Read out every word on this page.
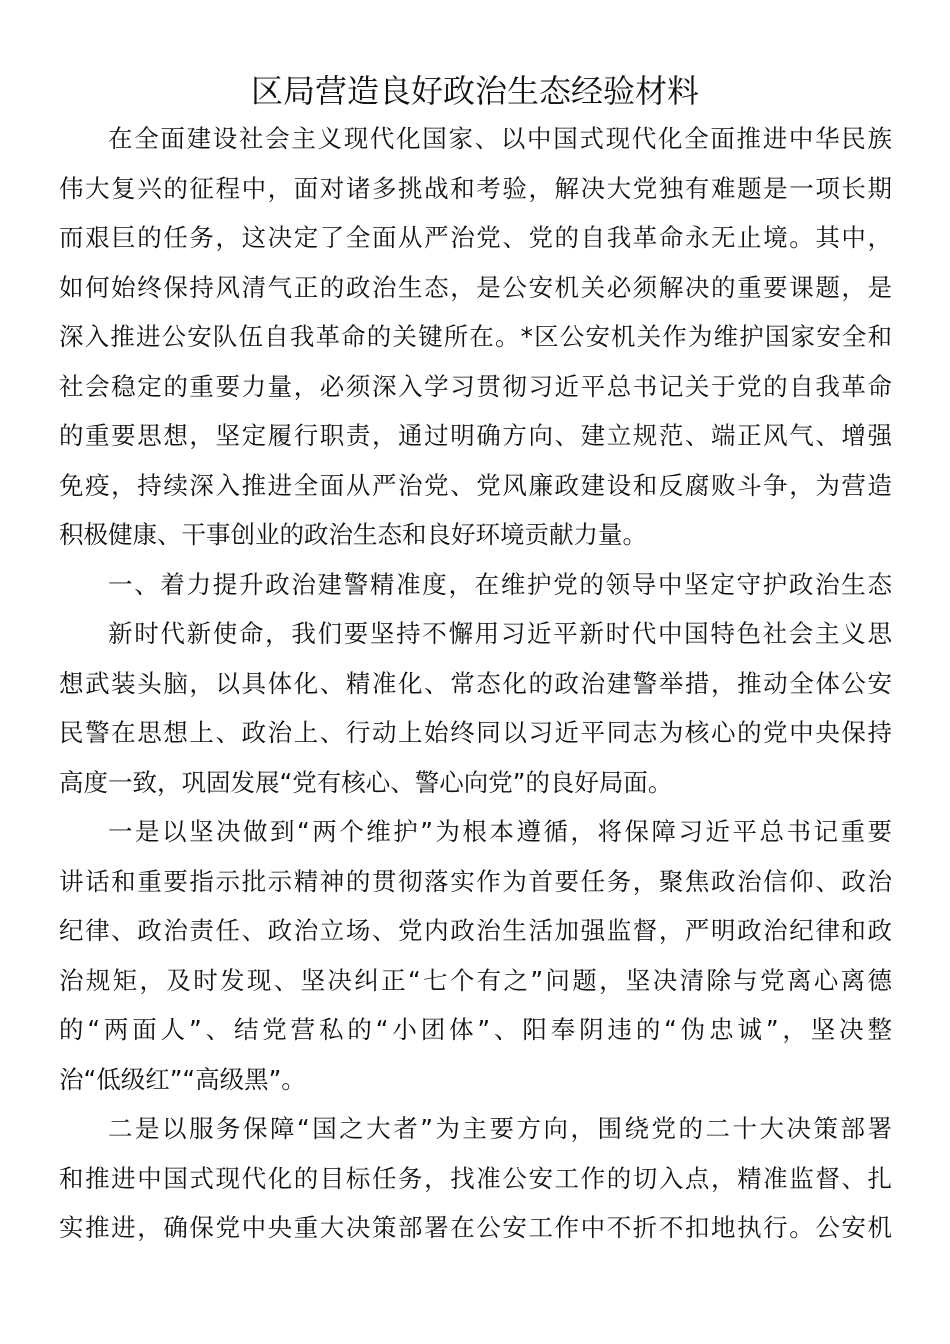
区局营造良好政治生态经验材料
在全面建设社会主义现代化国家、以中国式现代化全面推进中华民族
伟大复兴的征程中，面对诸多挑战和考验，解决大党独有难题是一项长期
而艰巨的任务，这决定了全面从严治党、党的自我革命永无止境。其中，
如何始终保持风清气正的政治生态，是公安机关必须解决的重要课题，是
深入推进公安队伍自我革命的关键所在。*区公安机关作为维护国家安全和
社会稳定的重要力量，必须深入学习贯彻习近平总书记关于党的自我革命
的重要思想，坚定履行职责，通过明确方向、建立规范、端正风气、增强
免疫，持续深入推进全面从严治党、党风廉政建设和反腐败斗争，为营造
积极健康、干事创业的政治生态和良好环境贡献力量。
一、着力提升政治建警精准度，在维护党的领导中坚定守护政治生态
新时代新使命，我们要坚持不懈用习近平新时代中国特色社会主义思
想武装头脑，以具体化、精准化、常态化的政治建警举措，推动全体公安
民警在思想上、政治上、行动上始终同以习近平同志为核心的党中央保持
高度一致，巩固发展“党有核心、警心向党”的良好局面。
一是以坚决做到“两个维护”为根本遵循，将保障习近平总书记重要
讲话和重要指示批示精神的贯彻落实作为首要任务，聚焦政治信仰、政治
纪律、政治责任、政治立场、党内政治生活加强监督，严明政治纪律和政
治规矩，及时发现、坚决纠正“七个有之”问题，坚决清除与党离心离德
的“两面人”、结党营私的“小团体”、阳奉阴违的“伪忠诚”，坚决整
治“低级红”“高级黑”。
二是以服务保障“国之大者”为主要方向，围绕党的二十大决策部署
和推进中国式现代化的目标任务，找准公安工作的切入点，精准监督、扎
实推进，确保党中央重大决策部署在公安工作中不折不扣地执行。公安机
